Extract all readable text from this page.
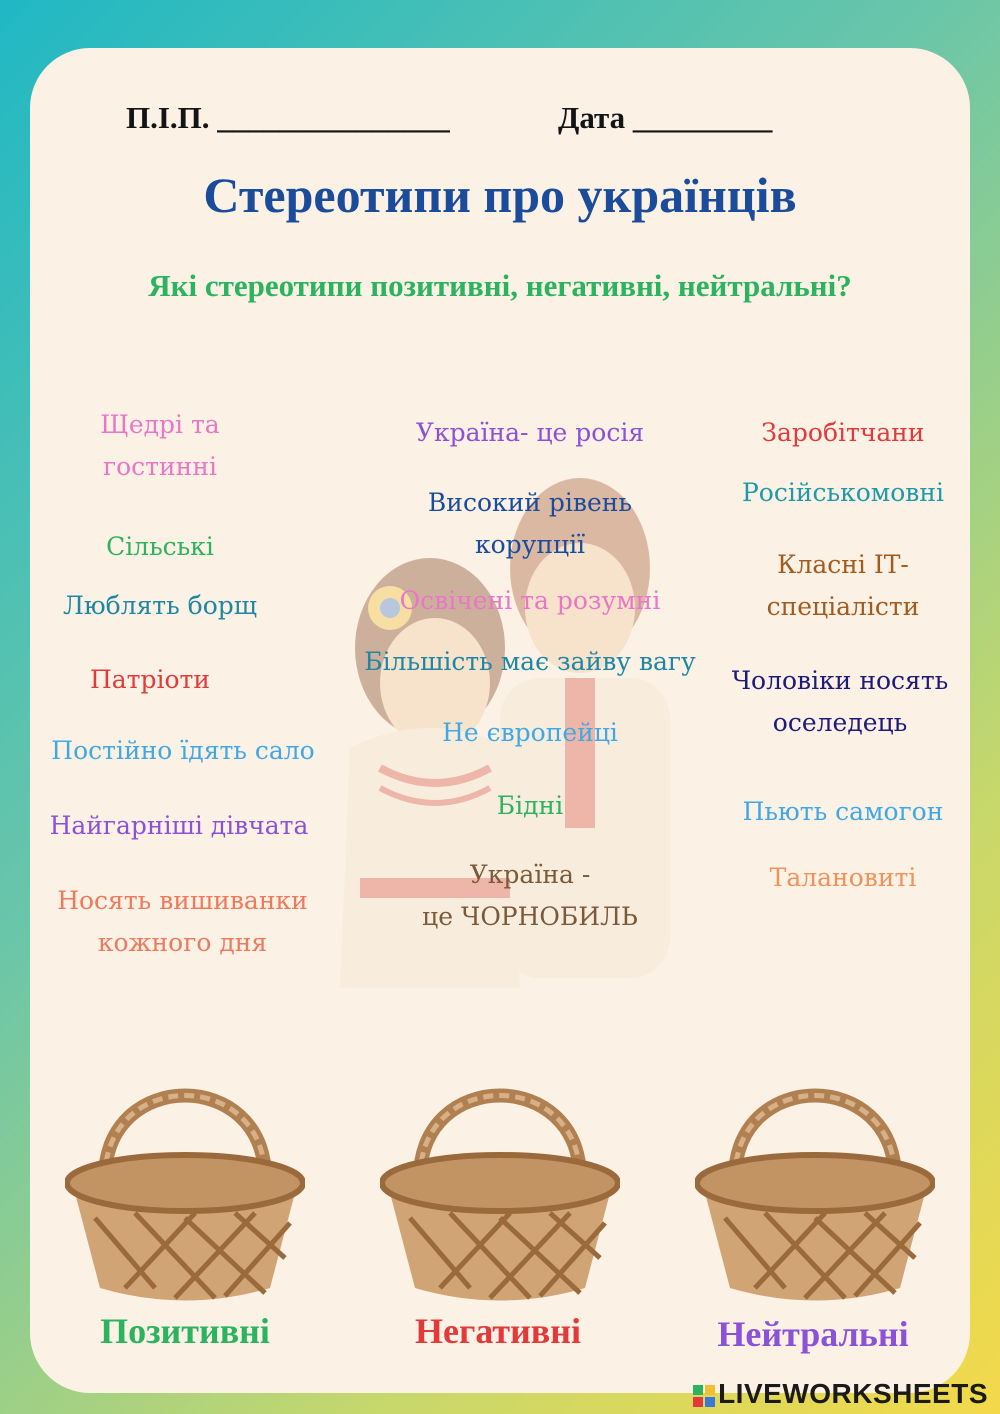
П.І.П. _______________	Дата _________
Стереотипи про українців
Які стереотипи позитивні, негативні, нейтральні?
Щедрі та
гостинні
Сільські
Люблять борщ
Патріоти
Постійно їдять сало
Найгарніші дівчата
Носять вишиванки
кожного дня
Україна- це росія
Високий рівень
корупції
Освічені та розумні
Більшість має зайву вагу
Не європейці
Бідні
Україна -
це ЧОРНОБИЛЬ
Заробітчани
Російськомовні
Класні ІТ-
спеціалісти
Чоловіки носять
оселедець
Пьють самогон
Талановиті
Позитивні	Негативні	Нейтральні
LIVEWORKSHEETS
